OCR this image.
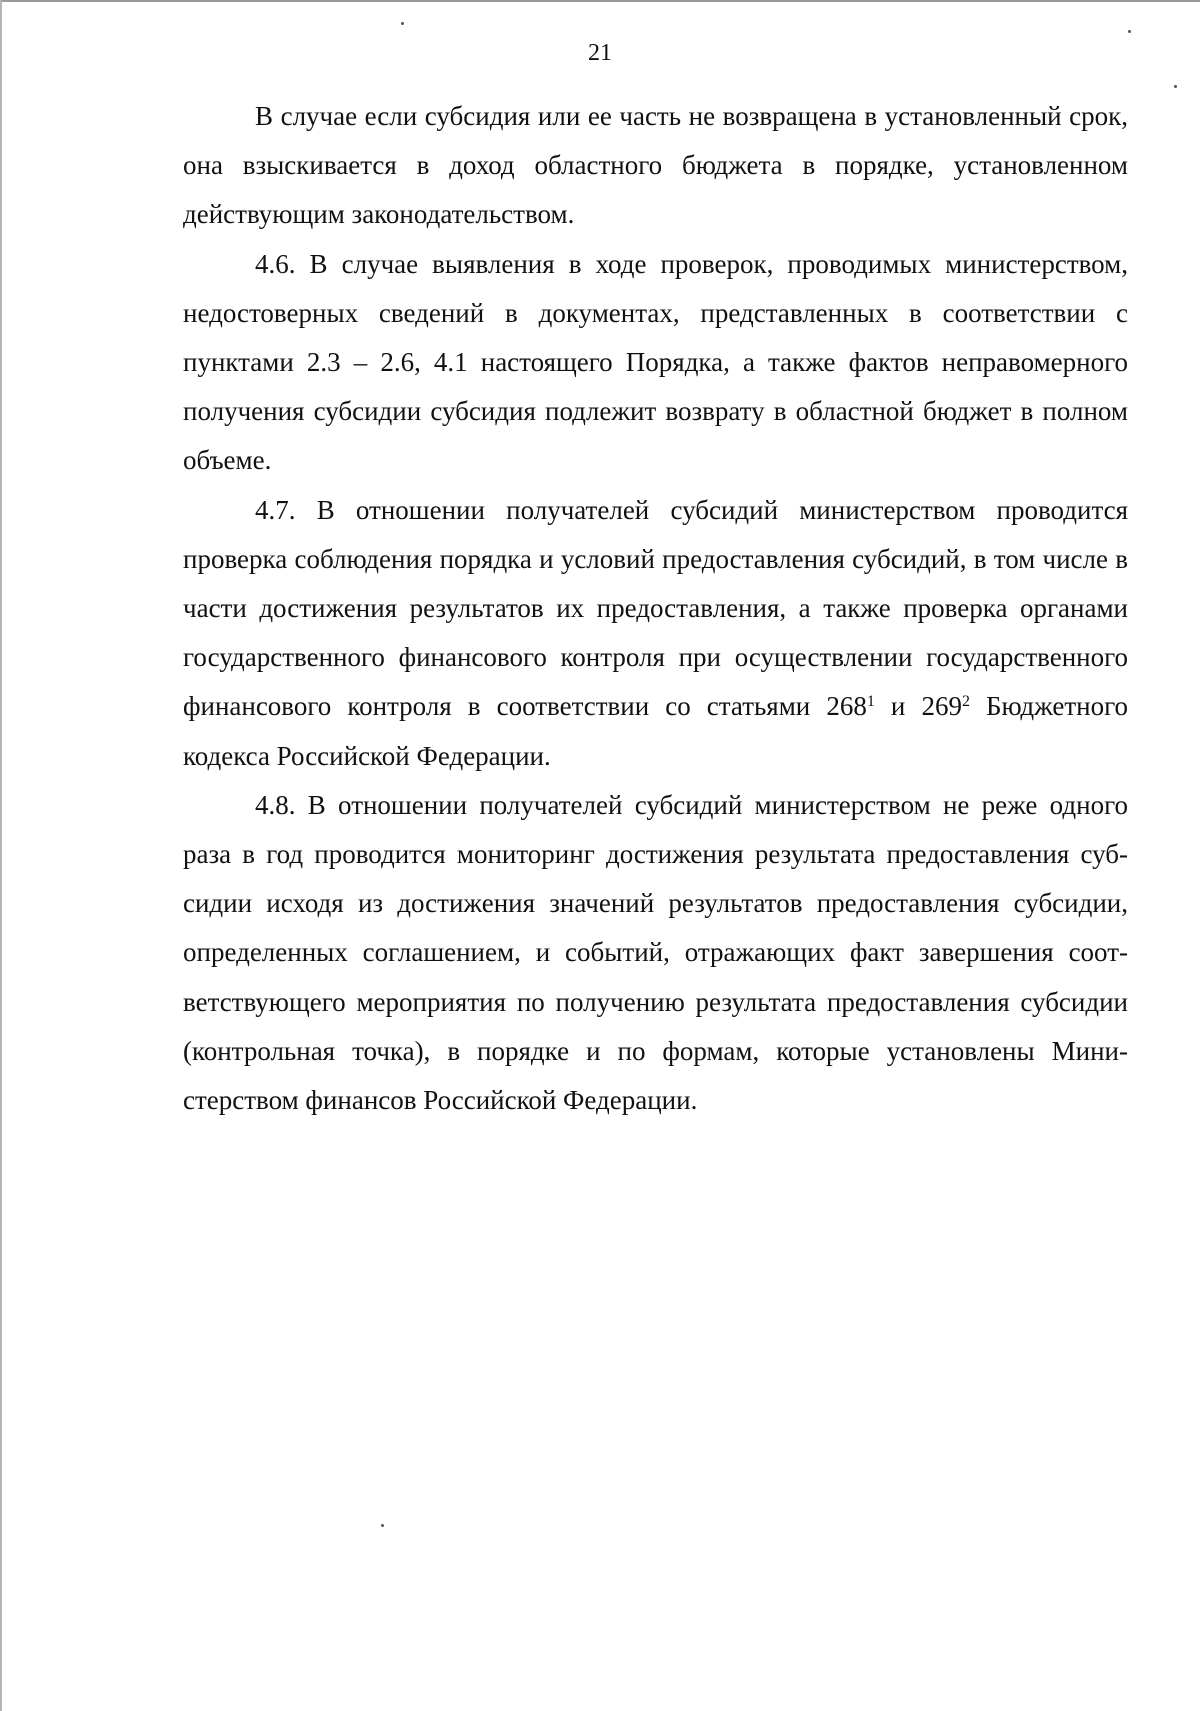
21

В случае если субсидия или ее часть не возвращена в установленный срок, она взыскивается в доход областного бюджета в порядке, установленном действующим законодательством.

4.6. В случае выявления в ходе проверок, проводимых министерством, недостоверных сведений в документах, представленных в соответствии с пунктами 2.3 – 2.6, 4.1 настоящего Порядка, а также фактов неправомерного получения субсидии субсидия подлежит возврату в областной бюджет в полном объеме.

4.7. В отношении получателей субсидий министерством проводится проверка соблюдения порядка и условий предоставления субсидий, в том числе в части достижения результатов их предоставления, а также проверка органами государственного финансового контроля при осуществлении государственного финансового контроля в соответствии со статьями $268^1$ и $269^2$ Бюджетного кодекса Российской Федерации.

4.8. В отношении получателей субсидий министерством не реже одного раза в год проводится мониторинг достижения результата предоставления субсидии исходя из достижения значений результатов предоставления субсидии, определенных соглашением, и событий, отражающих факт завершения соответствующего мероприятия по получению результата предоставления субсидии (контрольная точка), в порядке и по формам, которые установлены Министерством финансов Российской Федерации.
